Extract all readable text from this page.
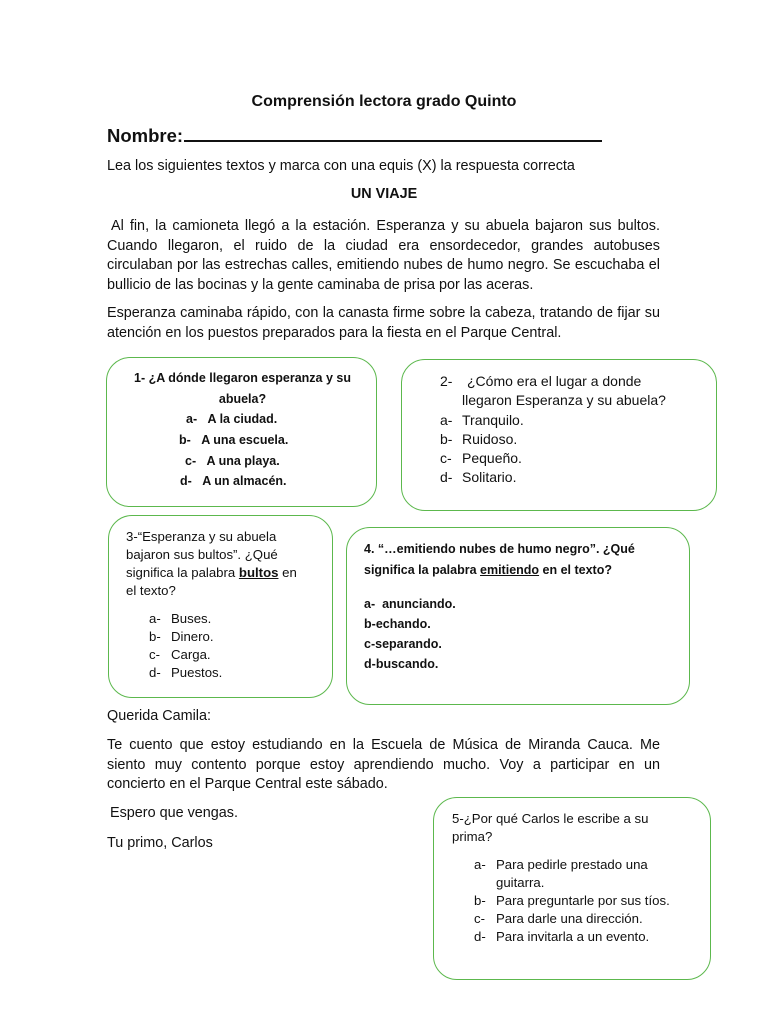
Comprensión lectora grado Quinto
Nombre:
Lea los siguientes textos y marca con una equis (X) la respuesta correcta
UN VIAJE
Al fin, la camioneta llegó a la estación. Esperanza y su abuela bajaron sus bultos. Cuando llegaron, el ruido de la ciudad era ensordecedor, grandes autobuses circulaban por las estrechas calles, emitiendo nubes de humo negro. Se escuchaba el bullicio de las bocinas y la gente caminaba de prisa por las aceras.
Esperanza caminaba rápido, con la canasta firme sobre la cabeza, tratando de fijar su atención en los puestos preparados para la fiesta en el Parque Central.
1- ¿A dónde llegaron esperanza y su
abuela?
a- A la ciudad.
b- A una escuela.
c- A una playa.
d- A un almacén.
2- ¿Cómo era el lugar a donde
llegaron Esperanza y su abuela?
a- Tranquilo.
b- Ruidoso.
c- Pequeño.
d- Solitario.
3-“Esperanza y su abuela
bajaron sus bultos”. ¿Qué
significa la palabra bultos en
el texto?
a- Buses.
b- Dinero.
c- Carga.
d- Puestos.
4. “…emitiendo nubes de humo negro”. ¿Qué
significa la palabra emitiendo en el texto?
a- anunciando.
b-echando.
c-separando.
d-buscando.
Querida Camila:
Te cuento que estoy estudiando en la Escuela de Música de Miranda Cauca. Me siento muy contento porque estoy aprendiendo mucho. Voy a participar en un concierto en el Parque Central este sábado.
Espero que vengas.
Tu primo, Carlos
5-¿Por qué Carlos le escribe a su
prima?
a- Para pedirle prestado una guitarra.
b- Para preguntarle por sus tíos.
c- Para darle una dirección.
d- Para invitarla a un evento.
